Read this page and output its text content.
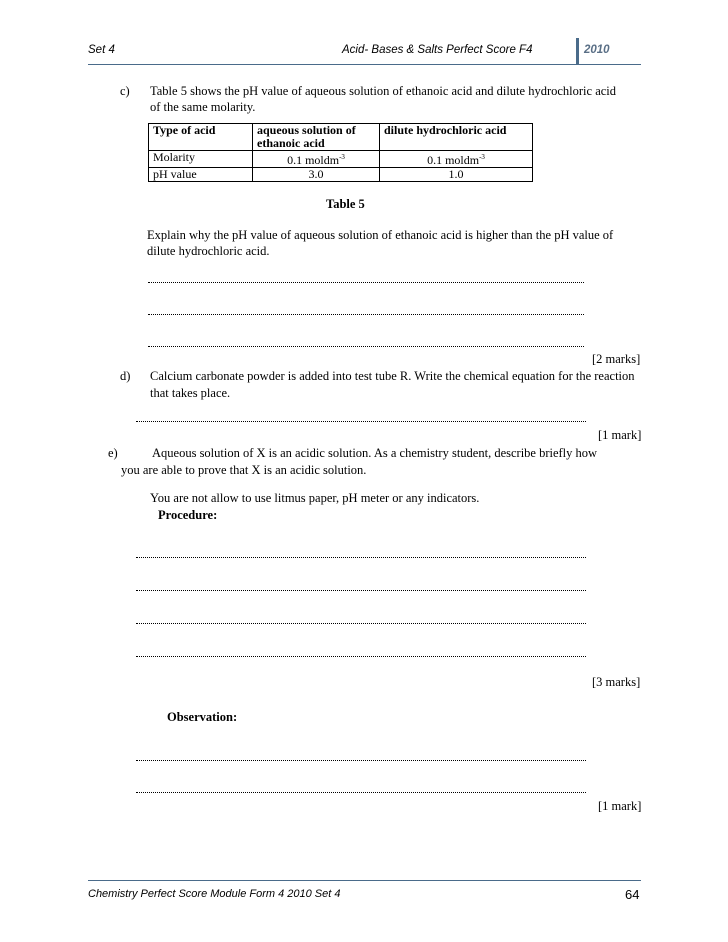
Set 4	Acid- Bases & Salts Perfect Score F4	2010
c) Table 5 shows the pH value of aqueous solution of ethanoic acid and dilute hydrochloric acid
of the same molarity.
Type of acid	aqueous solution of ethanoic acid	dilute hydrochloric acid
Molarity	0.1 moldm$^{-3}$	0.1 moldm$^{-3}$
pH value	3.0	1.0
Table 5
Explain why the pH value of aqueous solution of ethanoic acid is higher than the pH value of
dilute hydrochloric acid.
[2 marks]
d) Calcium carbonate powder is added into test tube R. Write the chemical equation for the reaction
that takes place.
[1 mark]
e)	Aqueous solution of X is an acidic solution. As a chemistry student, describe briefly how
you are able to prove that X is an acidic solution.
You are not allow to use litmus paper, pH meter or any indicators.
Procedure:
[3 marks]
Observation:
[1 mark]
Chemistry Perfect Score Module Form 4 2010 Set 4	64
